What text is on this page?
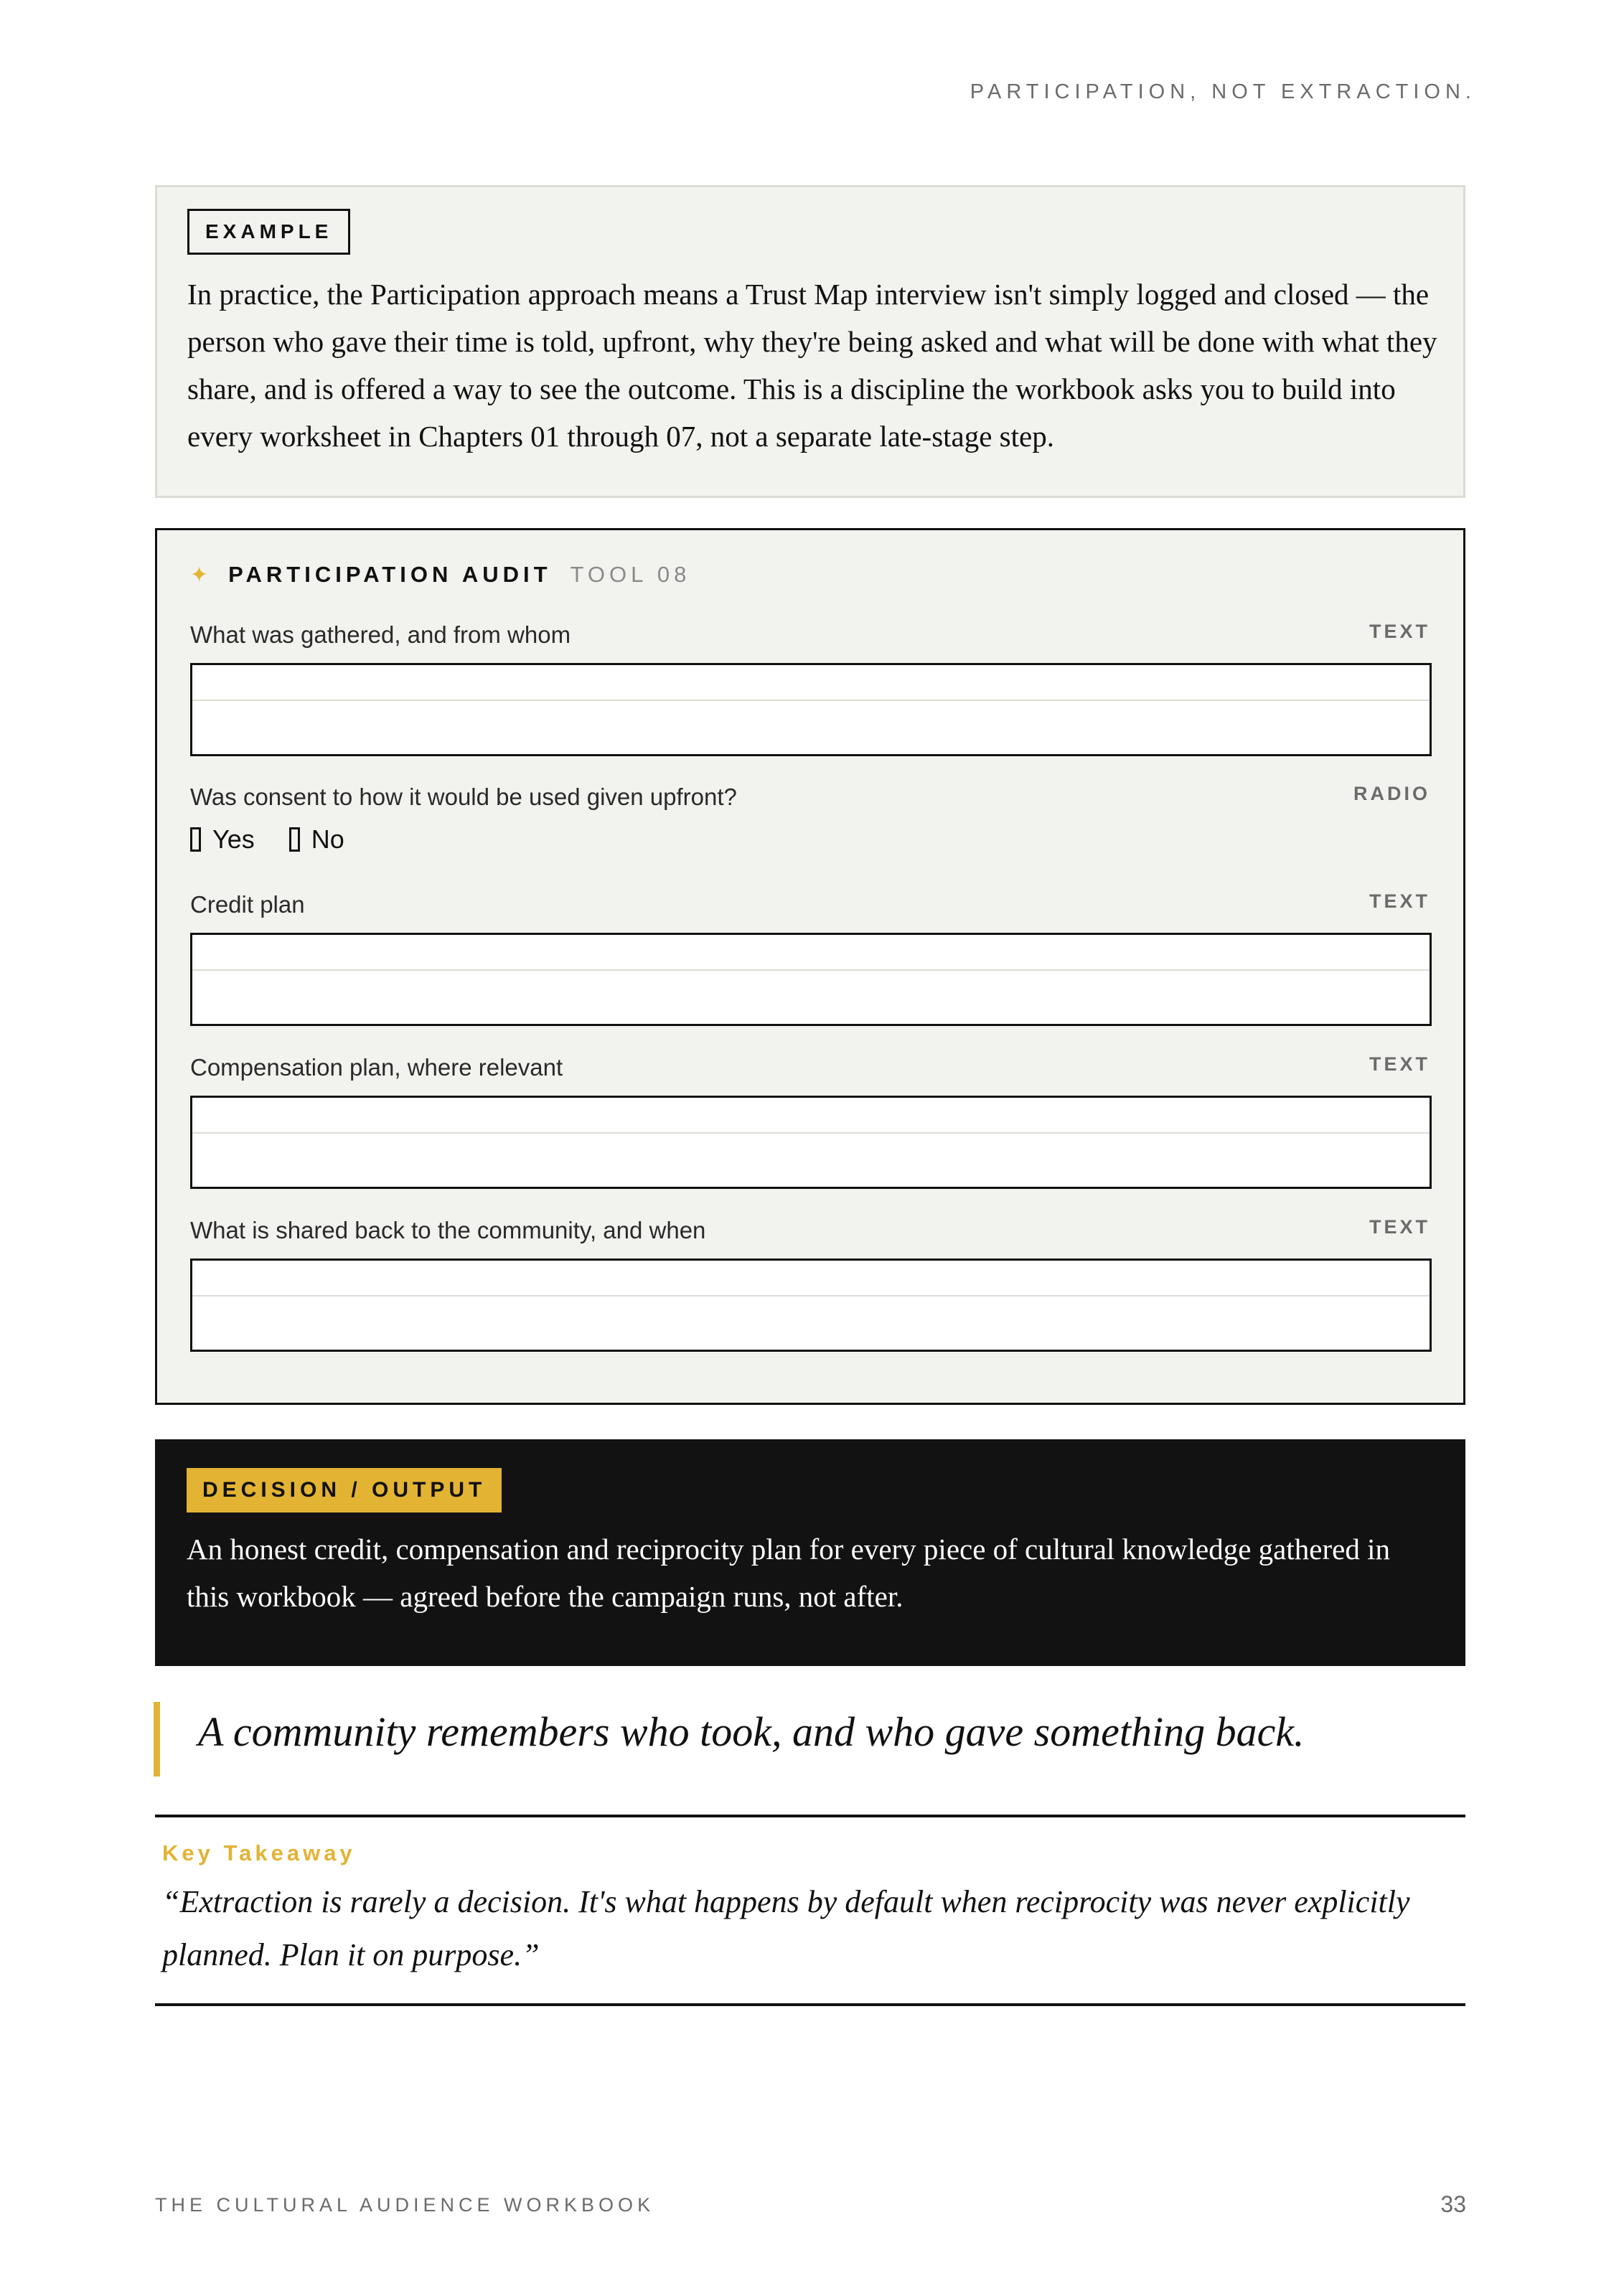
PARTICIPATION, NOT EXTRACTION.
EXAMPLE

In practice, the Participation approach means a Trust Map interview isn't simply logged and closed — the person who gave their time is told, upfront, why they're being asked and what will be done with what they share, and is offered a way to see the outcome. This is a discipline the workbook asks you to build into every worksheet in Chapters 01 through 07, not a separate late-stage step.

✦ PARTICIPATION AUDIT TOOL 08
What was gathered, and from whom	TEXT
Was consent to how it would be used given upfront?	RADIO
Yes No
Credit plan	TEXT
Compensation plan, where relevant	TEXT
What is shared back to the community, and when	TEXT
DECISION / OUTPUT

An honest credit, compensation and reciprocity plan for every piece of cultural knowledge gathered in this workbook — agreed before the campaign runs, not after.

A community remembers who took, and who gave something back.
Key Takeaway

“Extraction is rarely a decision. It's what happens by default when reciprocity was never explicitly planned. Plan it on purpose.”

THE CULTURAL AUDIENCE WORKBOOK	33
